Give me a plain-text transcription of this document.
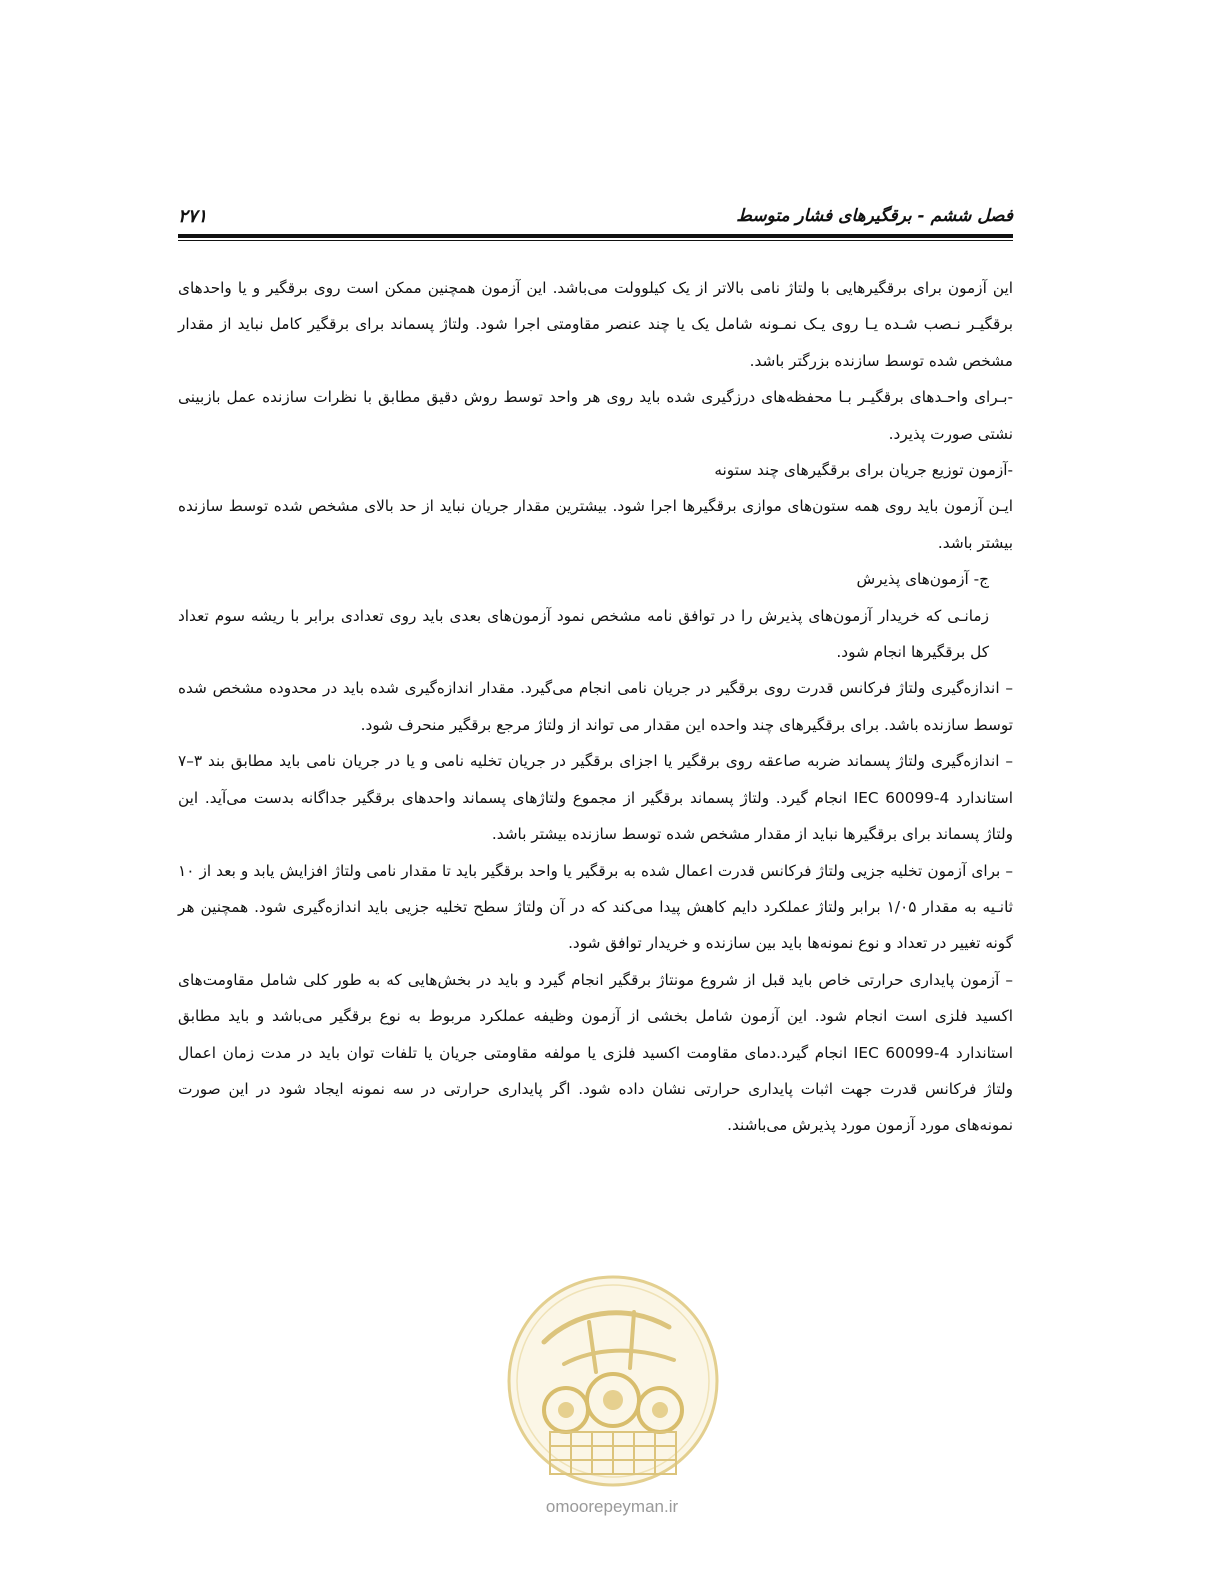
فصل ششم - برقگیرهای فشار متوسط
۲۷۱

این آزمون برای برقگیرهایی با ولتاژ نامی بالاتر از یک کیلوولت می‌باشد. این آزمون همچنین ممکن است روی برقگیر و یا واحدهای برقگیـر نـصب شـده یـا روی یـک نمـونه شامل یک یا چند عنصر مقاومتی اجرا شود. ولتاژ پسماند برای برقگیر کامل نباید از مقدار مشخص شده توسط سازنده بزرگتر باشد.

-بـرای واحـدهای برقگیـر بـا محفظه‌های درزگیری شده باید روی هر واحد توسط روش دقیق مطابق با نظرات سازنده عمل بازبینی نشتی صورت پذیرد.

-آزمون توزیع جریان برای برقگیرهای چند ستونه

ایـن آزمون باید روی همه ستون‌های موازی برقگیرها اجرا شود. بیشترین مقدار جریان نباید از حد بالای مشخص شده توسط سازنده بیشتر باشد.

ج- آزمون‌های پذیرش

زمانـی که خریدار آزمون‌های پذیرش را در توافق نامه مشخص نمود آزمون‌های بعدی باید روی تعدادی برابر با ریشه سوم تعداد کل برقگیرها انجام شود.

– اندازه‌گیری ولتاژ فرکانس قدرت روی برقگیر در جریان نامی انجام می‌گیرد. مقدار اندازه‌گیری شده باید در محدوده مشخص شده توسط سازنده باشد. برای برقگیرهای چند واحده این مقدار می تواند از ولتاژ مرجع برقگیر منحرف شود.

– اندازه‌گیری ولتاژ پسماند ضربه صاعقه روی برقگیر یا اجزای برقگیر در جریان تخلیه نامی و یا در جریان نامی باید مطابق بند ۳–۷ استاندارد IEC 60099-4 انجام گیرد. ولتاژ پسماند برقگیر از مجموع ولتاژهای پسماند واحدهای برقگیر جداگانه بدست می‌آید. این ولتاژ پسماند برای برقگیرها نباید از مقدار مشخص شده توسط سازنده بیشتر باشد.

– برای آزمون تخلیه جزیی ولتاژ فرکانس قدرت اعمال شده به برقگیر یا واحد برقگیر باید تا مقدار نامی ولتاژ افزایش یابد و بعد از ۱۰ ثانـیه به مقدار ۱/۰۵ برابر ولتاژ عملکرد دایم کاهش پیدا می‌کند که در آن ولتاژ سطح تخلیه جزیی باید اندازه‌گیری شود. همچنین هر گونه تغییر در تعداد و نوع نمونه‌ها باید بین سازنده و خریدار توافق شود.

– آزمون پایداری حرارتی خاص باید قبل از شروع مونتاژ برقگیر انجام گیرد و باید در بخش‌هایی که به طور کلی شامل مقاومت‌های اکسید فلزی است انجام شود. این آزمون شامل بخشی از آزمون وظیفه عملکرد مربوط به نوع برقگیر می‌باشد و باید مطابق استاندارد IEC 60099-4 انجام گیرد.دمای مقاومت اکسید فلزی یا مولفه مقاومتی جریان یا تلفات توان باید در مدت زمان اعمال ولتاژ فرکانس قدرت جهت اثبات پایداری حرارتی نشان داده شود. اگر پایداری حرارتی در سه نمونه ایجاد شود در این صورت نمونه‌های مورد آزمون مورد پذیرش می‌باشند.

omoorepeyman.ir
